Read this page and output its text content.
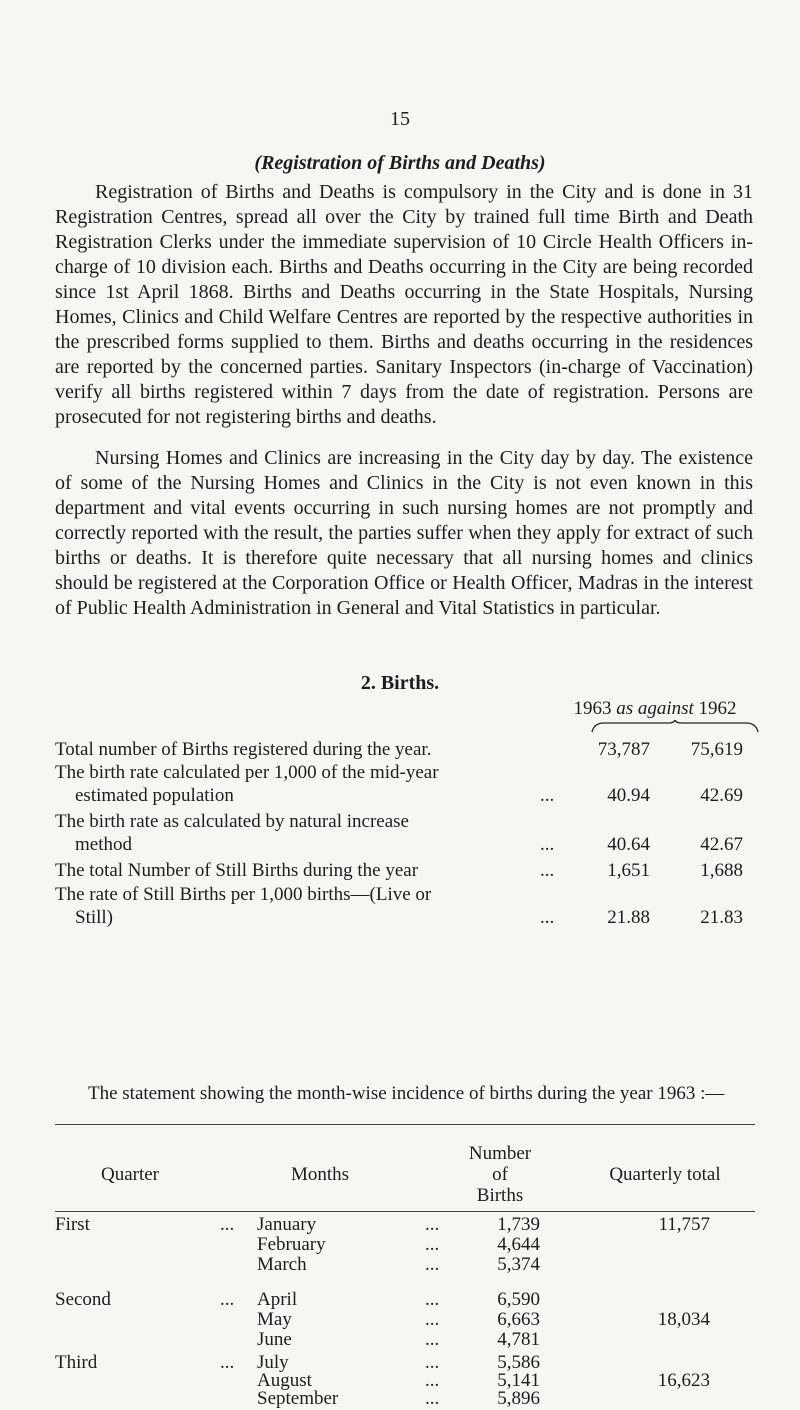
15
(Registration of Births and Deaths)

Registration of Births and Deaths is compulsory in the City and is done in 31 Registration Centres, spread all over the City by trained full time Birth and Death Registration Clerks under the immediate supervision of 10 Circle Health Officers in-charge of 10 division each. Births and Deaths occurring in the City are being recorded since 1st April 1868. Births and Deaths occurring in the State Hospitals, Nursing Homes, Clinics and Child Welfare Centres are reported by the respective authorities in the prescribed forms supplied to them. Births and deaths occurring in the residences are reported by the concerned parties. Sanitary Inspectors (in-charge of Vaccination) verify all births registered within 7 days from the date of registration. Persons are prosecuted for not registering births and deaths.

Nursing Homes and Clinics are increasing in the City day by day. The existence of some of the Nursing Homes and Clinics in the City is not even known in this department and vital events occurring in such nursing homes are not promptly and correctly reported with the result, the parties suffer when they apply for extract of such births or deaths. It is therefore quite necessary that all nursing homes and clinics should be registered at the Corporation Office or Health Officer, Madras in the interest of Public Health Administration in General and Vital Statistics in particular.

2. Births.
1963 as against 1962
Total number of Births registered during the year.	73,787	75,619
The birth rate calculated per 1,000 of the mid-year
estimated population	...	40.94	42.69
The birth rate as calculated by natural increase
method	...	40.64	42.67
The total Number of Still Births during the year	...	1,651	1,688
The rate of Still Births per 1,000 births—(Live or
Still)	...	21.88	21.83

The statement showing the month-wise incidence of births during the year 1963 :—

Quarter	Months
Number
of
Births
Quarterly total
First	... January	...	1,739	11,757
February	...	4,644
March	...	5,374
Second	... April	...	6,590
May	...	6,663	18,034
June	...	4,781
Third	... July	...	5,586
August	...	5,141	16,623
September	...	5,896
